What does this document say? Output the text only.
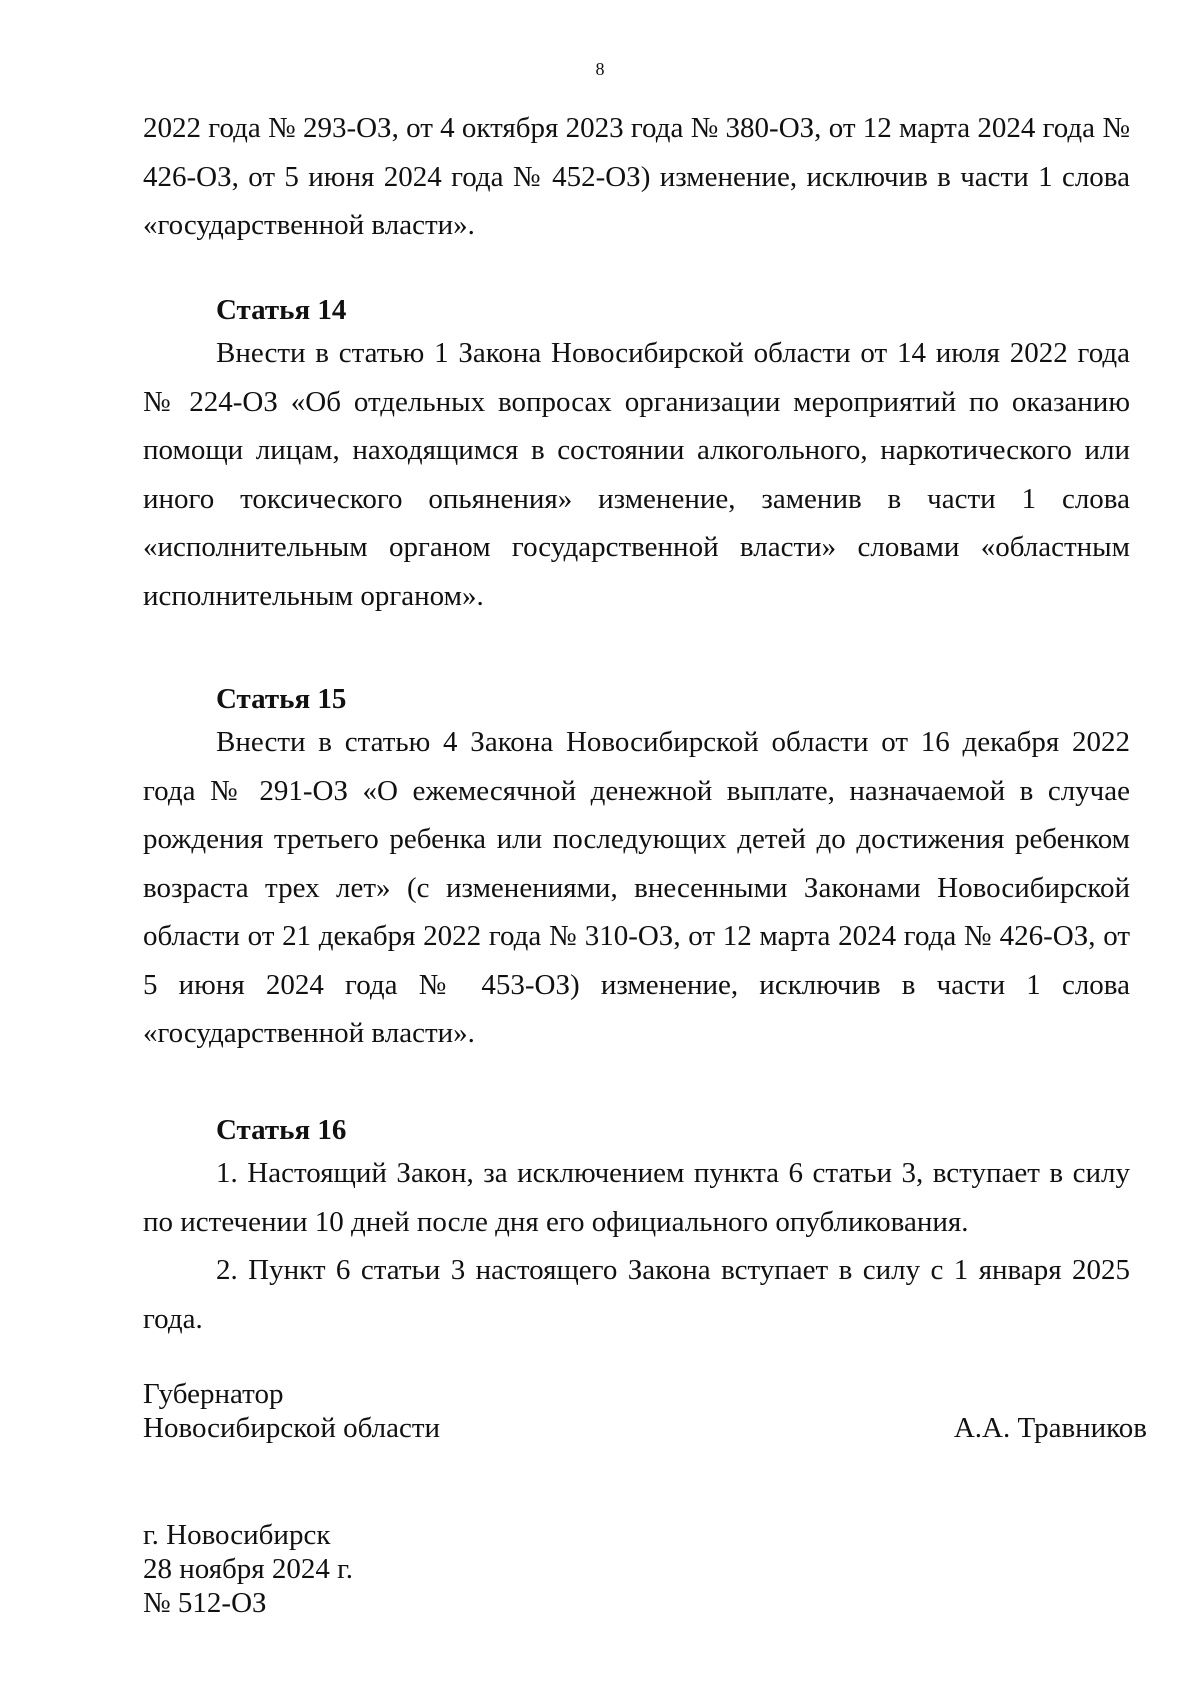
8

2022 года № 293-ОЗ, от 4 октября 2023 года № 380-ОЗ, от 12 марта 2024 года № 426-ОЗ, от 5 июня 2024 года № 452-ОЗ) изменение, исключив в части 1 слова «государственной власти».

Статья 14

Внести в статью 1 Закона Новосибирской области от 14 июля 2022 года № 224-ОЗ «Об отдельных вопросах организации мероприятий по оказанию помощи лицам, находящимся в состоянии алкогольного, наркотического или иного токсического опьянения» изменение, заменив в части 1 слова «исполнительным органом государственной власти» словами «областным исполнительным органом».

Статья 15

Внести в статью 4 Закона Новосибирской области от 16 декабря 2022 года № 291-ОЗ «О ежемесячной денежной выплате, назначаемой в случае рождения третьего ребенка или последующих детей до достижения ребенком возраста трех лет» (с изменениями, внесенными Законами Новосибирской области от 21 декабря 2022 года № 310-ОЗ, от 12 марта 2024 года № 426-ОЗ, от 5 июня 2024 года № 453-ОЗ) изменение, исключив в части 1 слова «государственной власти».

Статья 16

1. Настоящий Закон, за исключением пункта 6 статьи 3, вступает в силу по истечении 10 дней после дня его официального опубликования.

2. Пункт 6 статьи 3 настоящего Закона вступает в силу с 1 января 2025 года.

Губернатор
Новосибирской области	А.А. Травников
г. Новосибирск
28 ноября 2024 г.
№ 512-ОЗ
